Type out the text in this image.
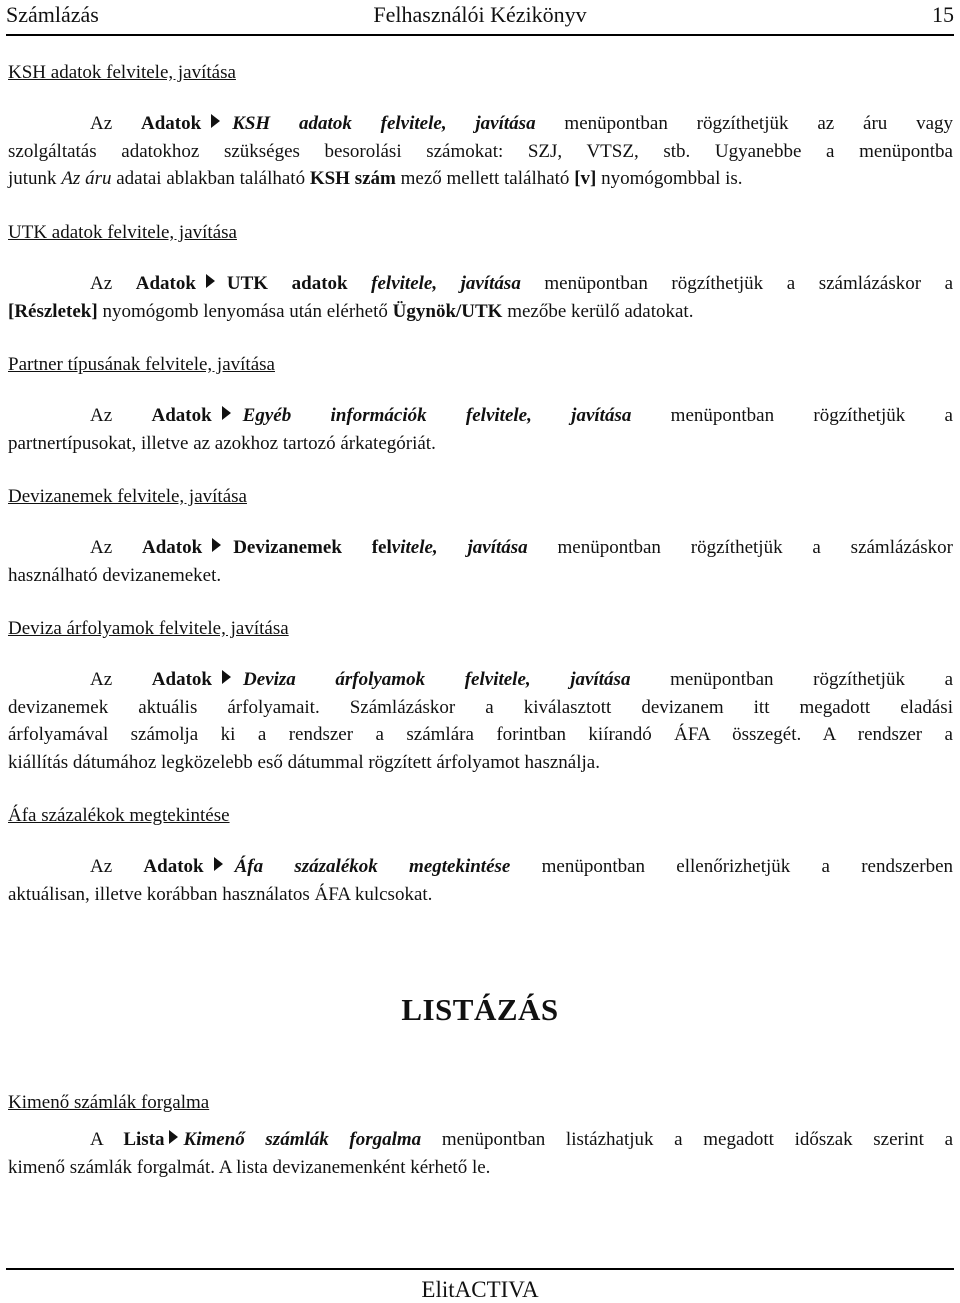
Számlázás	Felhasználói Kézikönyv	15
KSH adatok felvitele, javítása
Az Adatok KSH adatok felvitele, javítása menüpontban rögzíthetjük az áru vagy
szolgáltatás adatokhoz szükséges besorolási számokat: SZJ, VTSZ, stb. Ugyanebbe a menüpontba
jutunk Az áru adatai ablakban található KSH szám mező mellett található [v] nyomógombbal is.
UTK adatok felvitele, javítása
Az Adatok UTK adatok felvitele, javítása menüpontban rögzíthetjük a számlázáskor a
[Részletek] nyomógomb lenyomása után elérhető Ügynök/UTK mezőbe kerülő adatokat.
Partner típusának felvitele, javítása
Az Adatok Egyéb információk felvitele, javítása menüpontban rögzíthetjük a
partnertípusokat, illetve az azokhoz tartozó árkategóriát.
Devizanemek felvitele, javítása
Az Adatok Devizanemek felvitele, javítása menüpontban rögzíthetjük a számlázáskor
használható devizanemeket.
Deviza árfolyamok felvitele, javítása
Az Adatok Deviza árfolyamok felvitele, javítása menüpontban rögzíthetjük a
devizanemek aktuális árfolyamait. Számlázáskor a kiválasztott devizanem itt megadott eladási
árfolyamával számolja ki a rendszer a számlára forintban kiírandó ÁFA összegét. A rendszer a
kiállítás dátumához legközelebb eső dátummal rögzített árfolyamot használja.
Áfa százalékok megtekintése
Az Adatok Áfa százalékok megtekintése menüpontban ellenőrizhetjük a rendszerben
aktuálisan, illetve korábban használatos ÁFA kulcsokat.
LISTÁZÁS
Kimenő számlák forgalma
A Lista Kimenő számlák forgalma menüpontban listázhatjuk a megadott időszak szerint a
kimenő számlák forgalmát. A lista devizanemenként kérhető le.
ElitACTIVA
